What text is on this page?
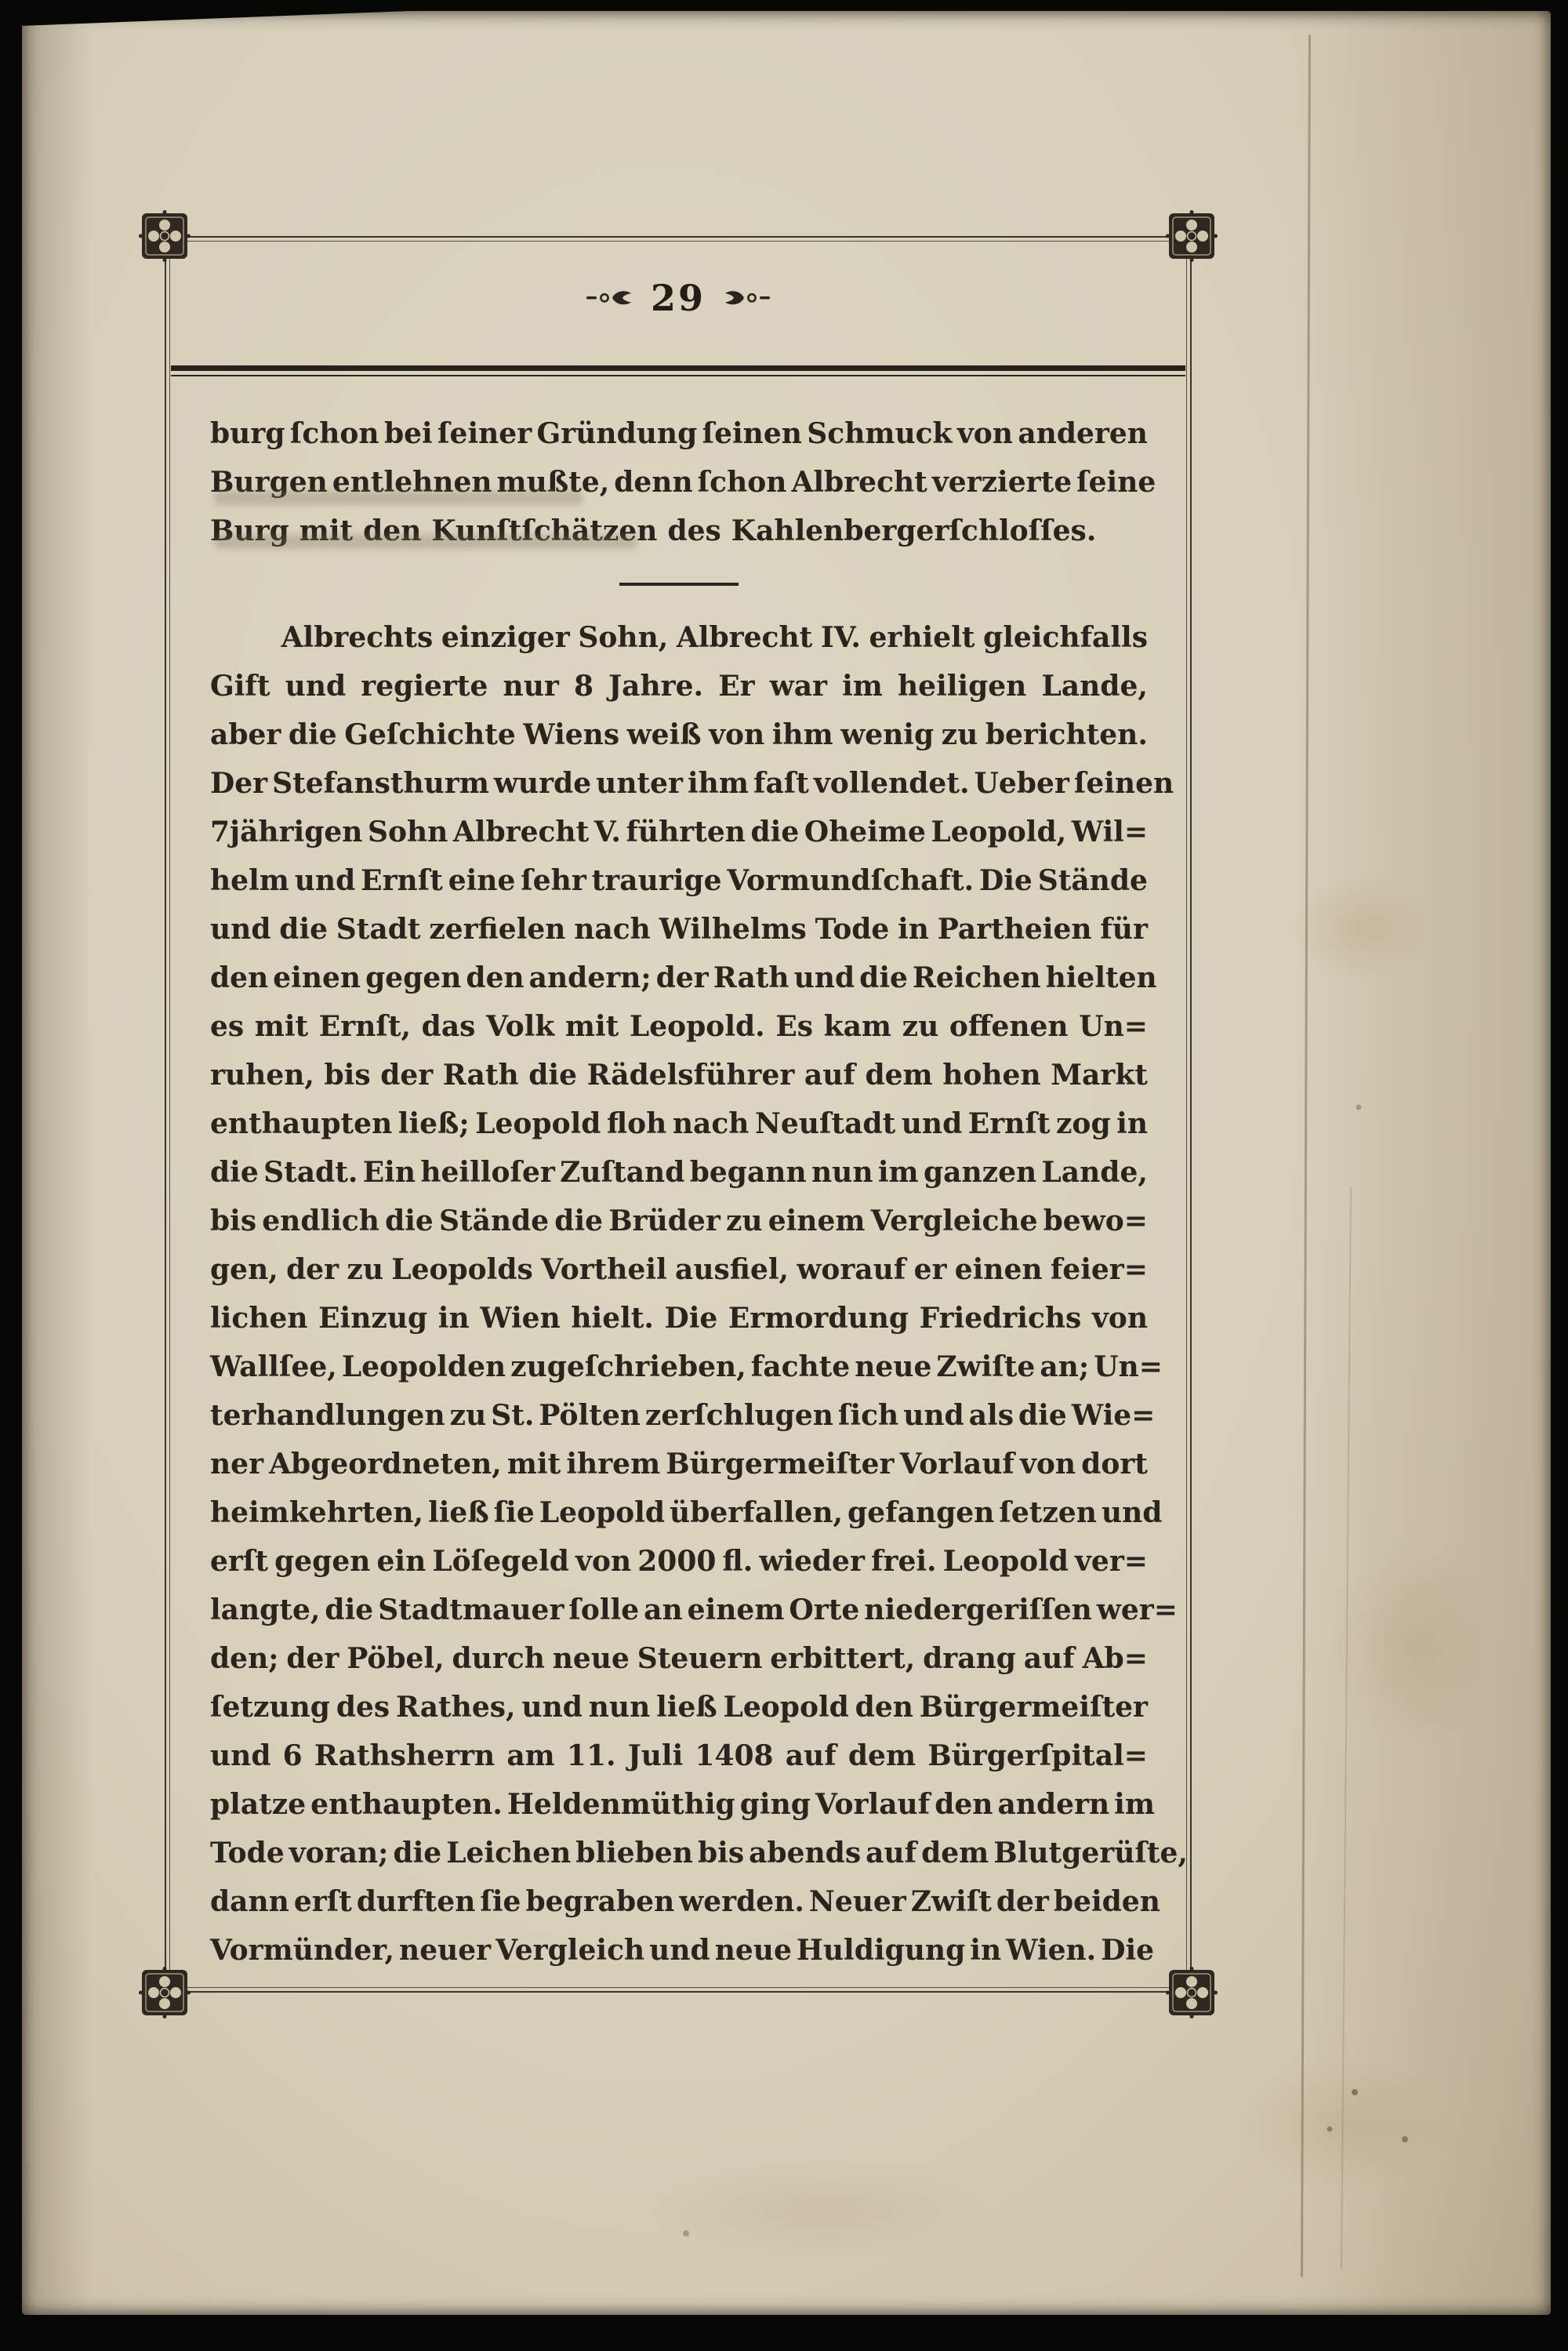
29
burg ſchon bei ſeiner Gründung ſeinen Schmuck von anderen
Burgen entlehnen mußte, denn ſchon Albrecht verzierte ſeine
Burg mit den Kunſtſchätzen des Kahlenbergerſchloſſes.
Albrechts einziger Sohn, Albrecht IV. erhielt gleichfalls
Gift und regierte nur 8 Jahre. Er war im heiligen Lande,
aber die Geſchichte Wiens weiß von ihm wenig zu berichten.
Der Stefansthurm wurde unter ihm faſt vollendet. Ueber ſeinen
7jährigen Sohn Albrecht V. führten die Oheime Leopold, Wil=
helm und Ernſt eine ſehr traurige Vormundſchaft. Die Stände
und die Stadt zerfielen nach Wilhelms Tode in Partheien für
den einen gegen den andern; der Rath und die Reichen hielten
es mit Ernſt, das Volk mit Leopold. Es kam zu offenen Un=
ruhen, bis der Rath die Rädelsführer auf dem hohen Markt
enthaupten ließ; Leopold floh nach Neuſtadt und Ernſt zog in
die Stadt. Ein heilloſer Zuſtand begann nun im ganzen Lande,
bis endlich die Stände die Brüder zu einem Vergleiche bewo=
gen, der zu Leopolds Vortheil ausfiel, worauf er einen feier=
lichen Einzug in Wien hielt. Die Ermordung Friedrichs von
Wallſee, Leopolden zugeſchrieben, fachte neue Zwiſte an; Un=
terhandlungen zu St. Pölten zerſchlugen ſich und als die Wie=
ner Abgeordneten, mit ihrem Bürgermeiſter Vorlauf von dort
heimkehrten, ließ ſie Leopold überfallen, gefangen ſetzen und
erſt gegen ein Löſegeld von 2000 fl. wieder frei. Leopold ver=
langte, die Stadtmauer ſolle an einem Orte niedergeriſſen wer=
den; der Pöbel, durch neue Steuern erbittert, drang auf Ab=
ſetzung des Rathes, und nun ließ Leopold den Bürgermeiſter
und 6 Rathsherrn am 11. Juli 1408 auf dem Bürgerſpital=
platze enthaupten. Heldenmüthig ging Vorlauf den andern im
Tode voran; die Leichen blieben bis abends auf dem Blutgerüſte,
dann erſt durften ſie begraben werden. Neuer Zwiſt der beiden
Vormünder, neuer Vergleich und neue Huldigung in Wien. Die
